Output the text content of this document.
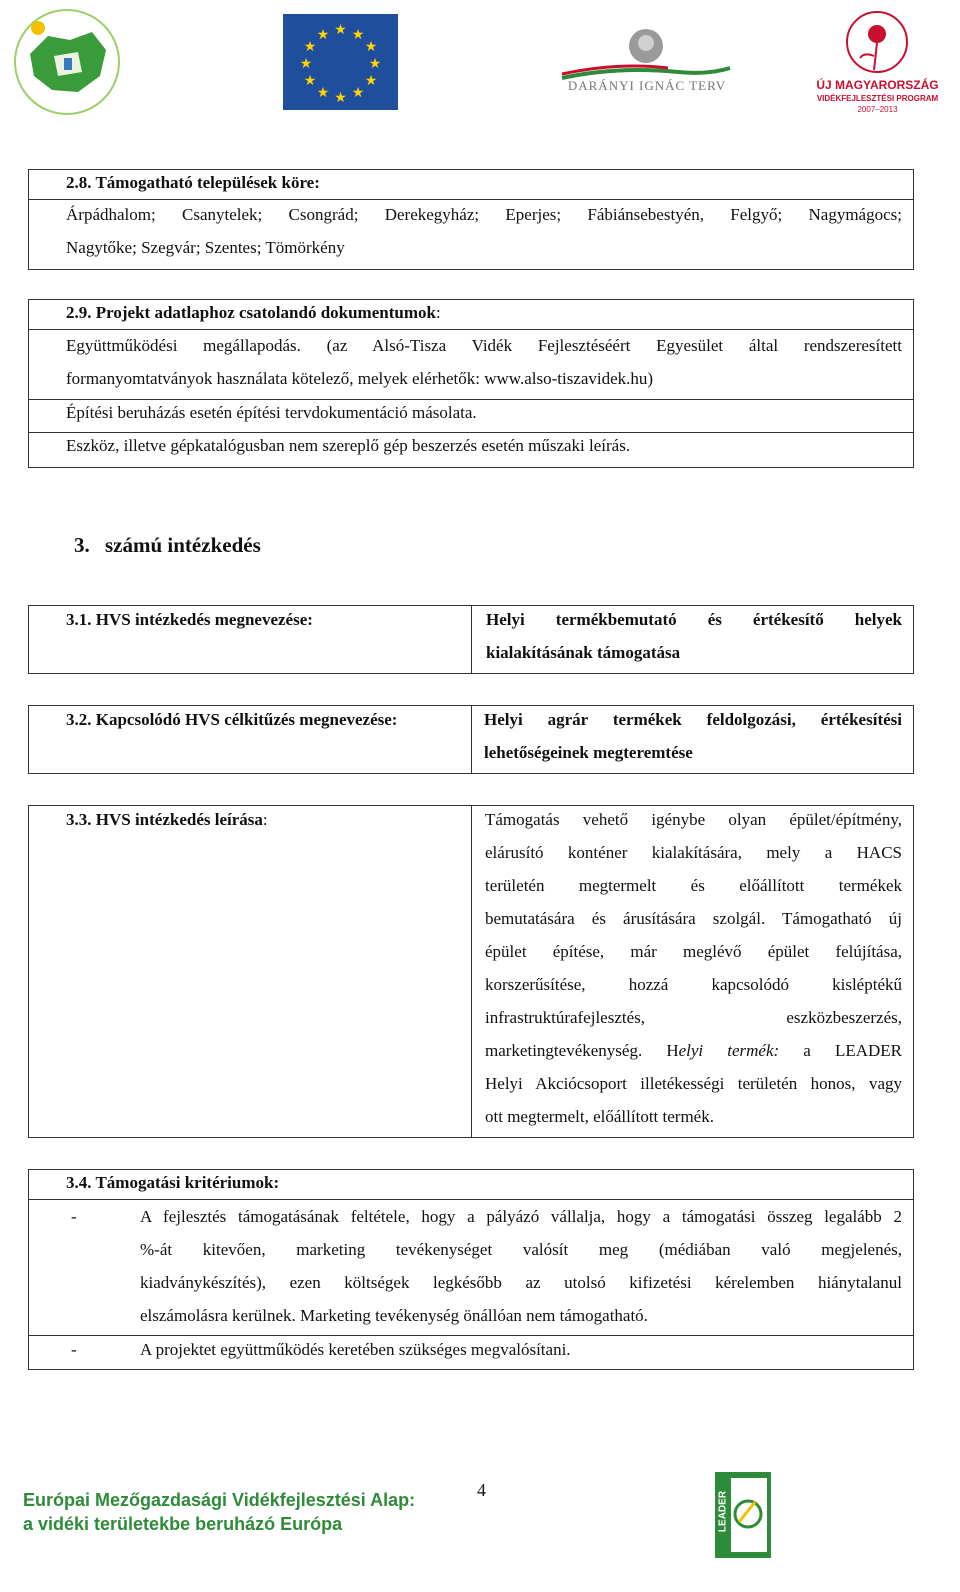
★ ★
★
★
★
★
★
★
★
★
★
★
DARÁNYI IGNÁC TERV	ÚJ MAGYARORSZÁG
VIDÉKFEJLESZTÉSI PROGRAM
2007–2013
2.8. Támogatható települések köre:
Árpádhalom; Csanytelek; Csongrád; Derekegyház; Eperjes; Fábiánsebestyén, Felgyő; Nagymágocs;
Nagytőke; Szegvár; Szentes; Tömörkény
2.9. Projekt adatlaphoz csatolandó dokumentumok:
Együttműködési megállapodás. (az Alsó-Tisza Vidék Fejlesztéséért Egyesület által rendszeresített
formanyomtatványok használata kötelező, melyek elérhetők: www.also-tiszavidek.hu)
Építési beruházás esetén építési tervdokumentáció másolata.
Eszköz, illetve gépkatalógusban nem szereplő gép beszerzés esetén műszaki leírás.
3. számú intézkedés
3.1. HVS intézkedés megnevezése:	Helyi termékbemutató és értékesítő helyek
kialakításának támogatása
3.2. Kapcsolódó HVS célkitűzés megnevezése:	Helyi agrár termékek feldolgozási, értékesítési
lehetőségeinek megteremtése
3.3. HVS intézkedés leírása:	Támogatás vehető igénybe olyan épület/építmény,
elárusító konténer kialakítására, mely a HACS
területén megtermelt és előállított termékek
bemutatására és árusítására szolgál. Támogatható új
épület építése, már meglévő épület felújítása,
korszerűsítése, hozzá kapcsolódó kisléptékű
infrastruktúrafejlesztés, eszközbeszerzés,
marketingtevékenység. Helyi termék: a LEADER
Helyi Akciócsoport illetékességi területén honos, vagy
ott megtermelt, előállított termék.
3.4. Támogatási kritériumok:
-	A fejlesztés támogatásának feltétele, hogy a pályázó vállalja, hogy a támogatási összeg legalább 2
%-át kitevően, marketing tevékenységet valósít meg (médiában való megjelenés,
kiadványkészítés), ezen költségek legkésőbb az utolsó kifizetési kérelemben hiánytalanul
elszámolásra kerülnek. Marketing tevékenység önállóan nem támogatható.
-	A projektet együttműködés keretében szükséges megvalósítani.
Európai Mezőgazdasági Vidékfejlesztési Alap:
a vidéki területekbe beruházó Európa
4
LEADER
